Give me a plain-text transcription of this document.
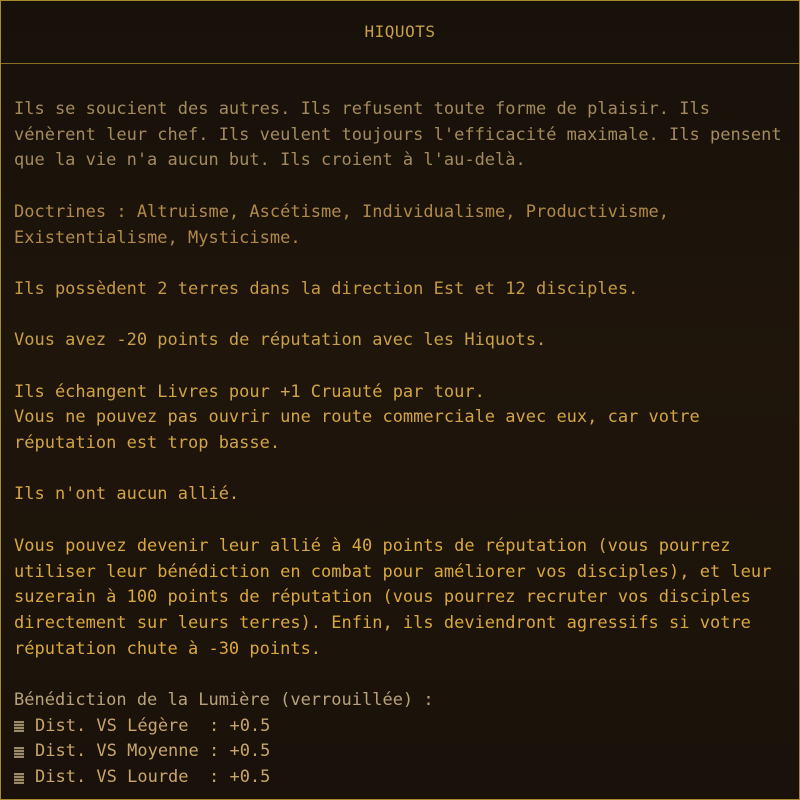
HIQUOTS

Ils se soucient des autres. Ils refusent toute forme de plaisir. Ils vénèrent leur chef. Ils veulent toujours l'efficacité maximale. Ils pensent que la vie n'a aucun but. Ils croient à l'au-delà.

Doctrines : Altruisme, Ascétisme, Individualisme, Productivisme, Existentialisme, Mysticisme.

Ils possèdent 2 terres dans la direction Est et 12 disciples.

Vous avez -20 points de réputation avec les Hiquots.

Ils échangent Livres pour +1 Cruauté par tour.

Vous ne pouvez pas ouvrir une route commerciale avec eux, car votre réputation est trop basse.

Ils n'ont aucun allié.

Vous pouvez devenir leur allié à 40 points de réputation (vous pourrez utiliser leur bénédiction en combat pour améliorer vos disciples), et leur suzerain à 100 points de réputation (vous pourrez recruter vos disciples directement sur leurs terres). Enfin, ils deviendront agressifs si votre réputation chute à -30 points.

Bénédiction de la Lumière (verrouillée) :

Dist. VS Légère  : +0.5
Dist. VS Moyenne : +0.5
Dist. VS Lourde  : +0.5
